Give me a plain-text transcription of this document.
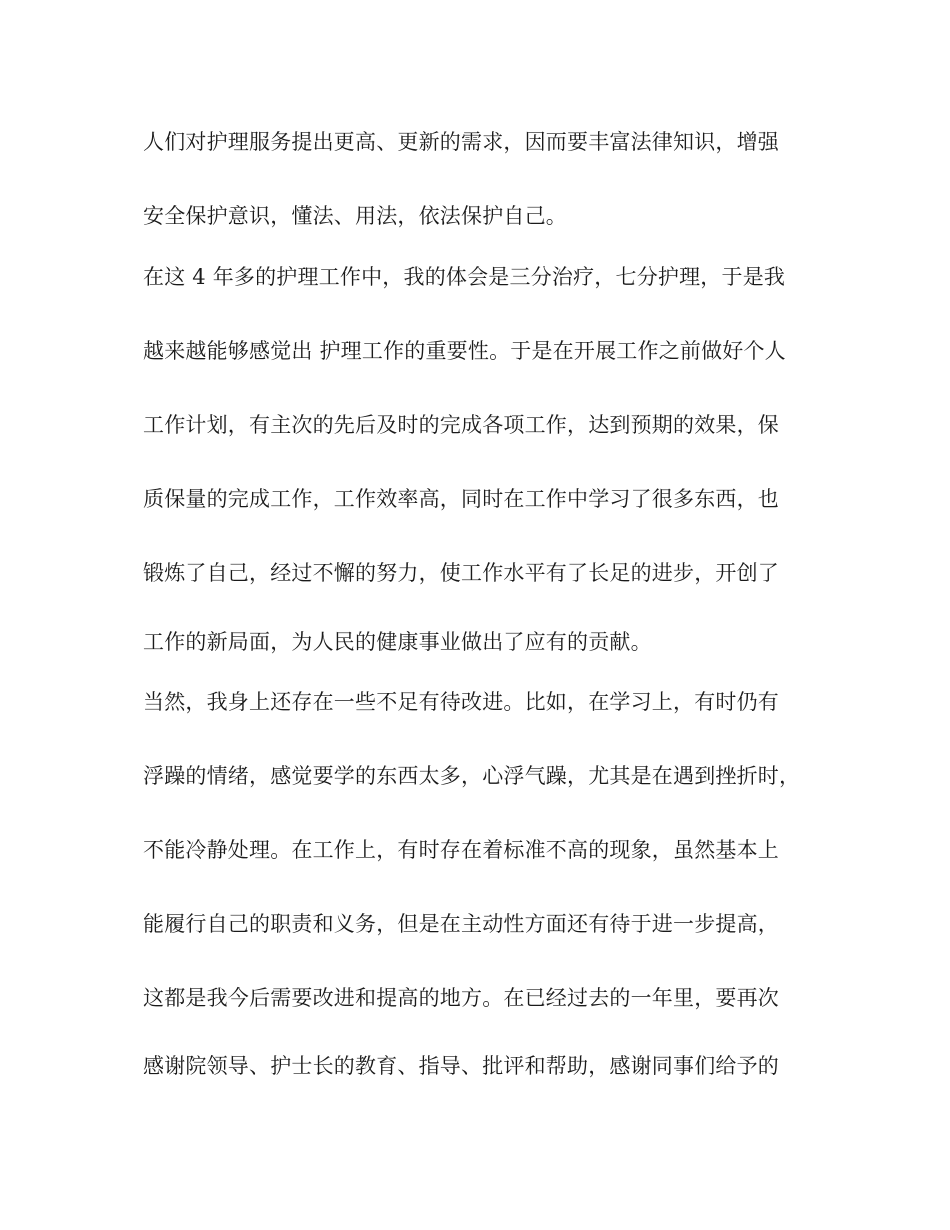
人们对护理服务提出更高、更新的需求，因而要丰富法律知识，增强
安全保护意识，懂法、用法，依法保护自己。
在这 4 年多的护理工作中，我的体会是三分治疗，七分护理，于是我
越来越能够感觉出 护理工作的重要性。于是在开展工作之前做好个人
工作计划，有主次的先后及时的完成各项工作，达到预期的效果，保
质保量的完成工作，工作效率高，同时在工作中学习了很多东西，也
锻炼了自己，经过不懈的努力，使工作水平有了长足的进步，开创了
工作的新局面，为人民的健康事业做出了应有的贡献。
当然，我身上还存在一些不足有待改进。比如，在学习上，有时仍有
浮躁的情绪，感觉要学的东西太多，心浮气躁，尤其是在遇到挫折时，
不能冷静处理。在工作上，有时存在着标准不高的现象，虽然基本上
能履行自己的职责和义务，但是在主动性方面还有待于进一步提高，
这都是我今后需要改进和提高的地方。在已经过去的一年里，要再次
感谢院领导、护士长的教育、指导、批评和帮助，感谢同事们给予的
